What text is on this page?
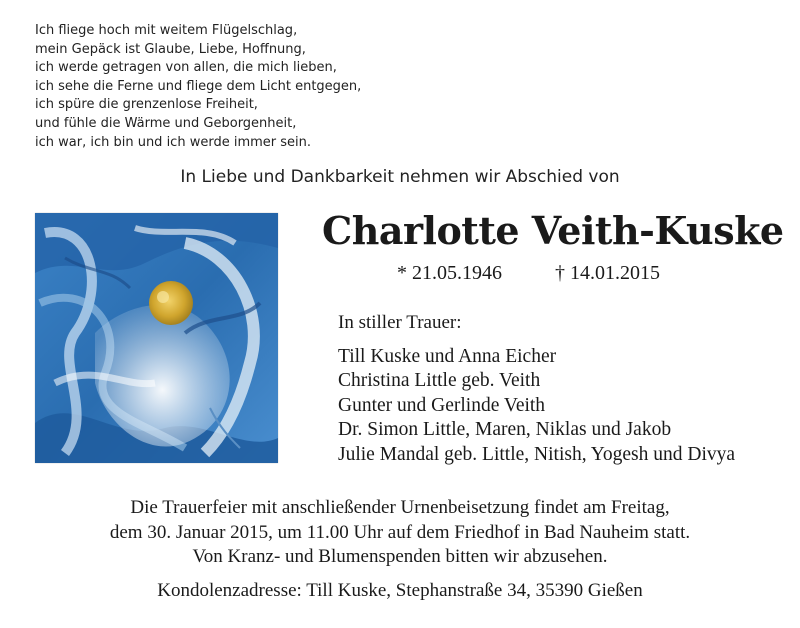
Ich fliege hoch mit weitem Flügelschlag,
mein Gepäck ist Glaube, Liebe, Hoffnung,
ich werde getragen von allen, die mich lieben,
ich sehe die Ferne und fliege dem Licht entgegen,
ich spüre die grenzenlose Freiheit,
und fühle die Wärme und Geborgenheit,
ich war, ich bin und ich werde immer sein.
In Liebe und Dankbarkeit nehmen wir Abschied von
Charlotte Veith-Kuske
* 21.05.1946	† 14.01.2015
In stiller Trauer:
Till Kuske und Anna Eicher
Christina Little geb. Veith
Gunter und Gerlinde Veith
Dr. Simon Little, Maren, Niklas und Jakob
Julie Mandal geb. Little, Nitish, Yogesh und Divya
Die Trauerfeier mit anschließender Urnenbeisetzung findet am Freitag,
dem 30. Januar 2015, um 11.00 Uhr auf dem Friedhof in Bad Nauheim statt.
Von Kranz- und Blumenspenden bitten wir abzusehen.
Kondolenzadresse: Till Kuske, Stephanstraße 34, 35390 Gießen
